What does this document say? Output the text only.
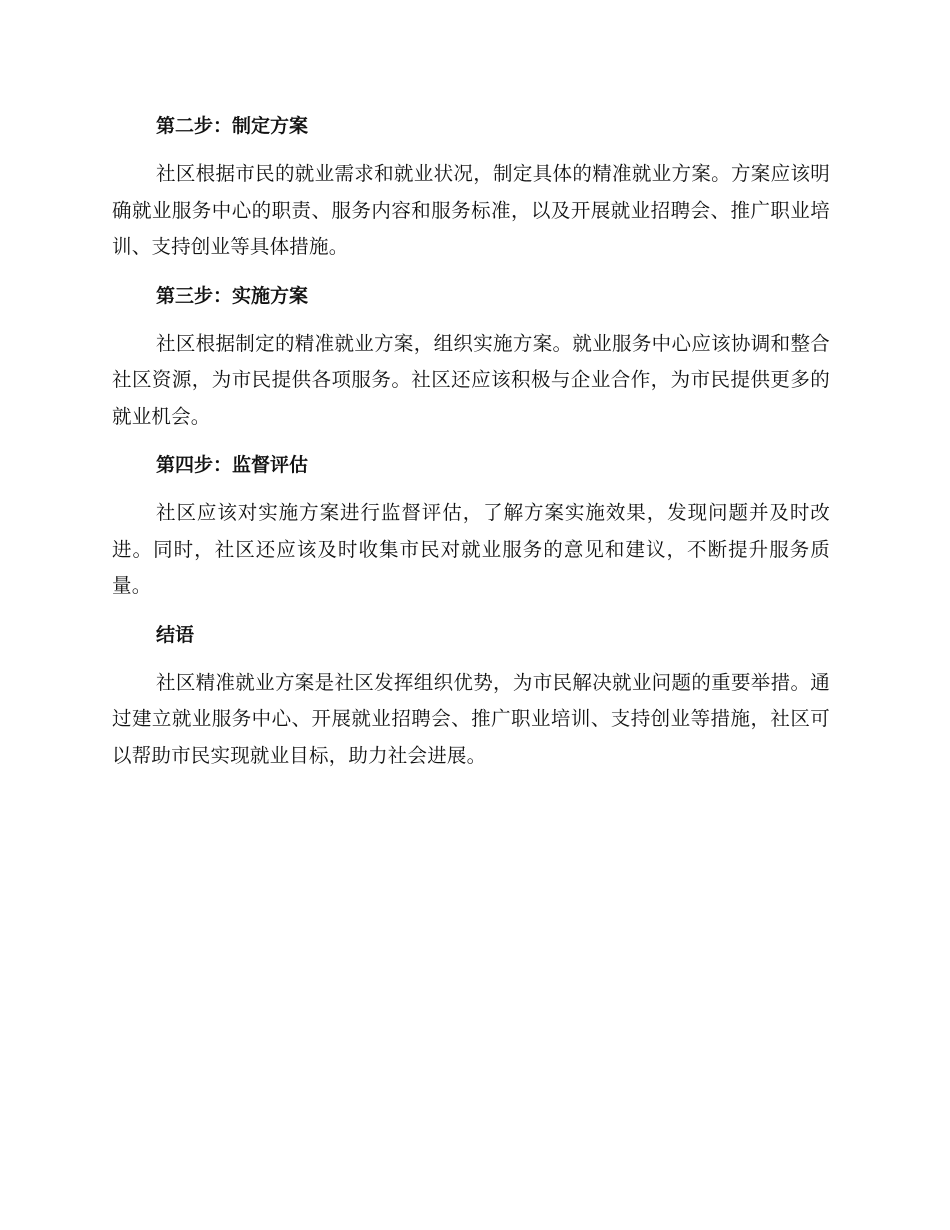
第二步：制定方案

社区根据市民的就业需求和就业状况，制定具体的精准就业方案。方案应该明确就业服务中心的职责、服务内容和服务标准，以及开展就业招聘会、推广职业培训、支持创业等具体措施。

第三步：实施方案

社区根据制定的精准就业方案，组织实施方案。就业服务中心应该协调和整合社区资源，为市民提供各项服务。社区还应该积极与企业合作，为市民提供更多的就业机会。

第四步：监督评估

社区应该对实施方案进行监督评估，了解方案实施效果，发现问题并及时改进。同时，社区还应该及时收集市民对就业服务的意见和建议，不断提升服务质量。

结语

社区精准就业方案是社区发挥组织优势，为市民解决就业问题的重要举措。通过建立就业服务中心、开展就业招聘会、推广职业培训、支持创业等措施，社区可以帮助市民实现就业目标，助力社会进展。
